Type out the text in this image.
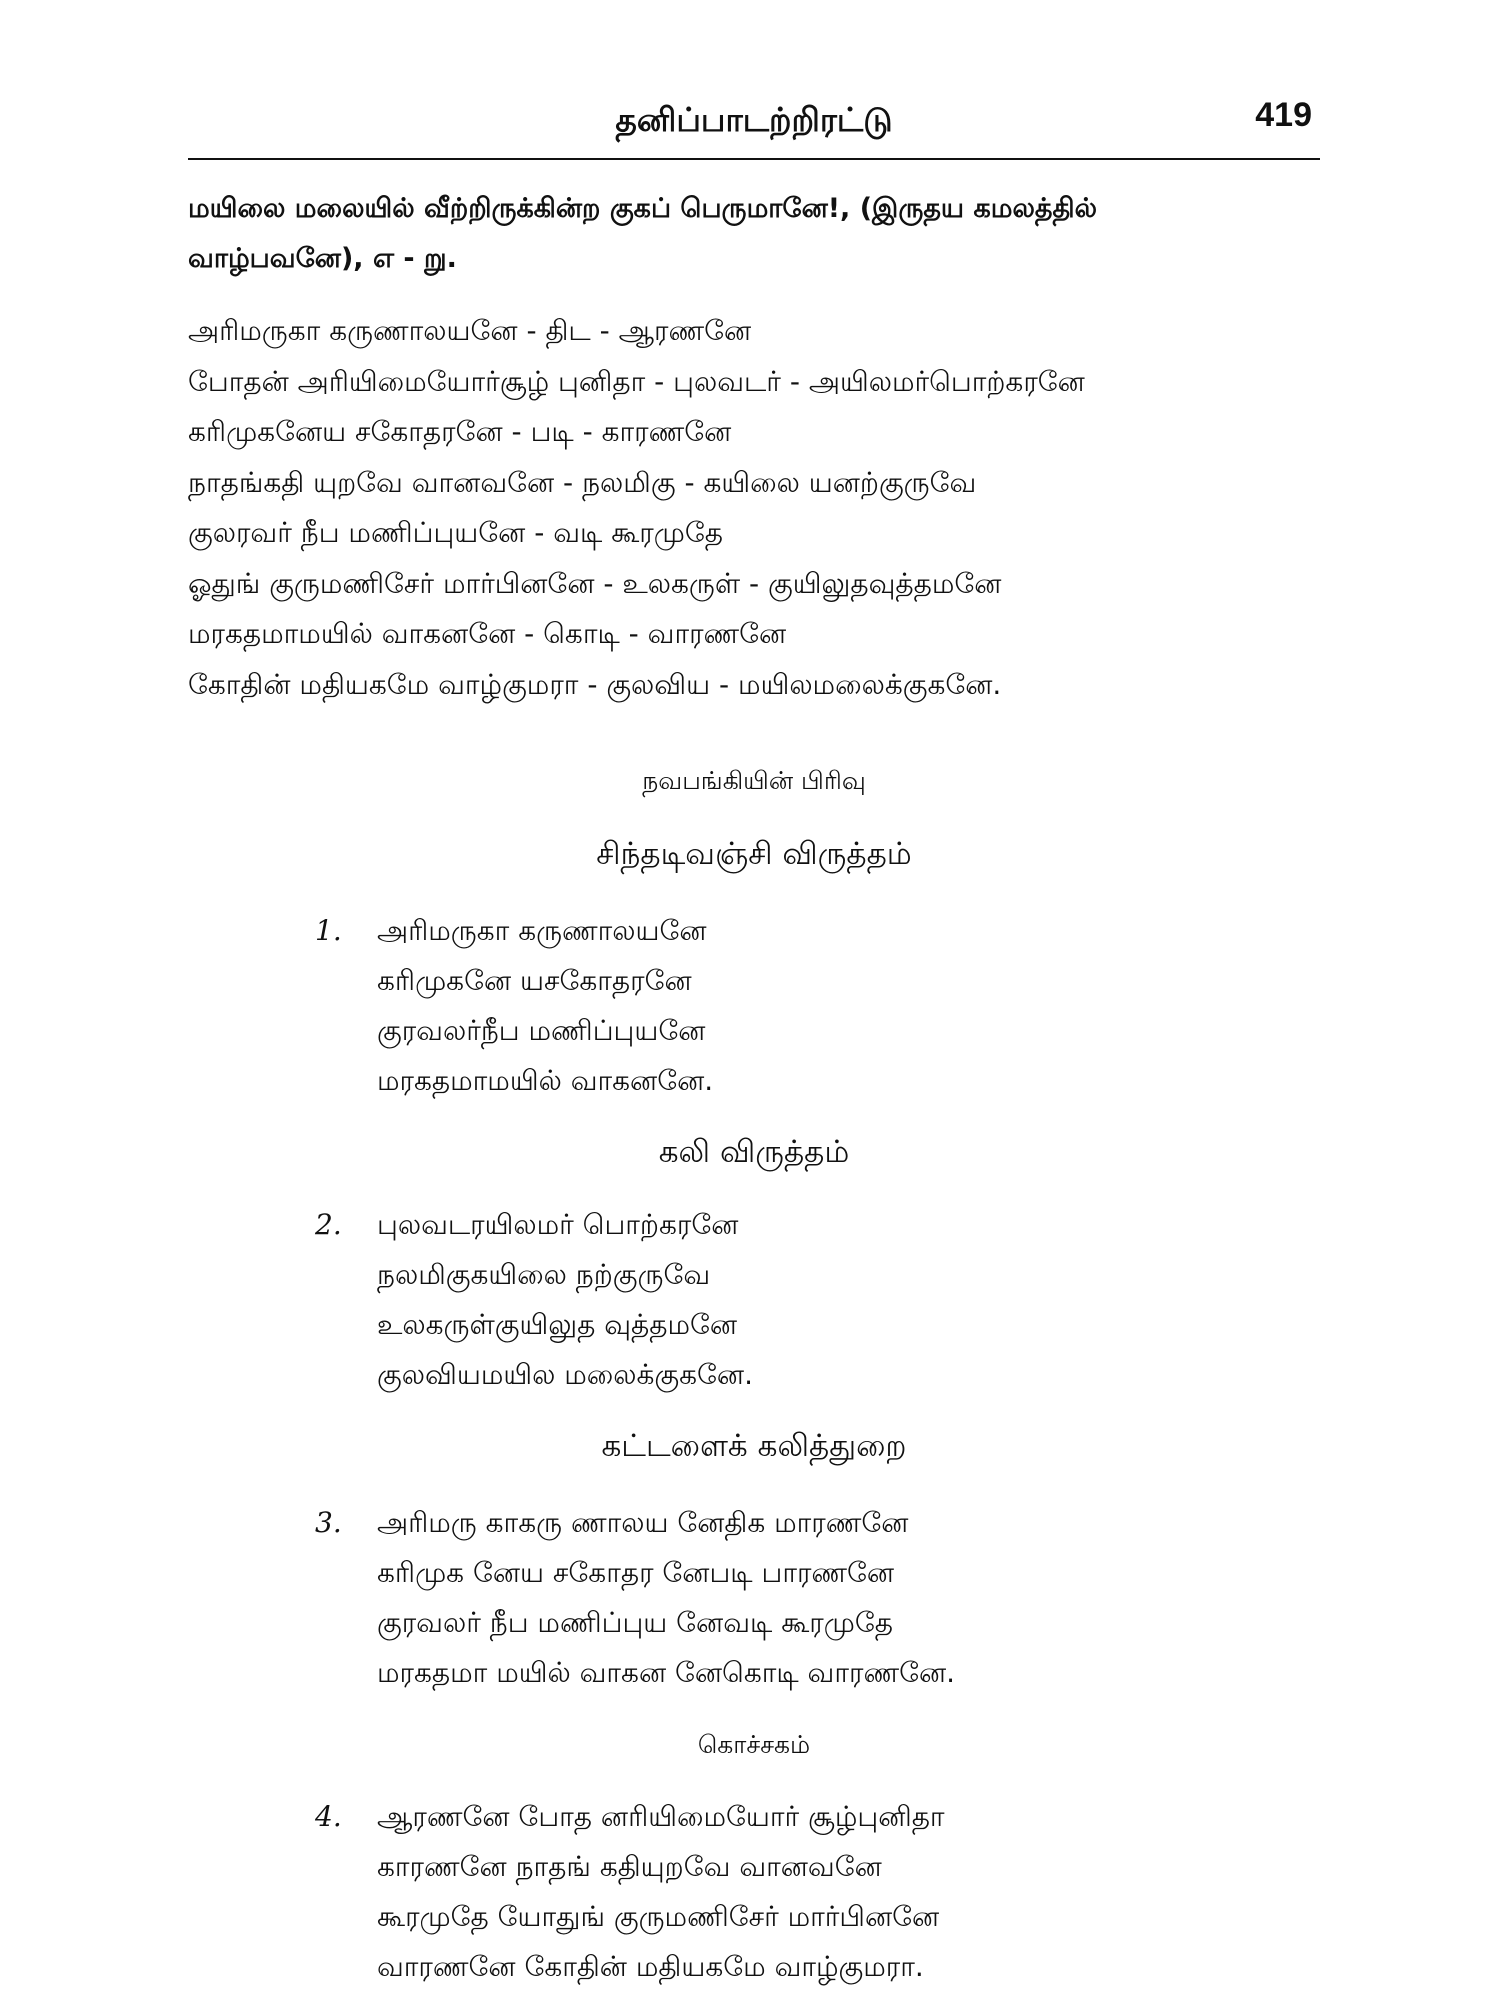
தனிப்பாடற்றிரட்டு	419

மயிலை மலையில் வீற்றிருக்கின்ற குகப் பெருமானே!, (இருதய கமலத்தில்

வாழ்பவனே), எ - று.

அரிமருகா கருணாலயனே - திட - ஆரணனே
போதன் அரியிமையோர்சூழ் புனிதா - புலவடர் - அயிலமர்பொற்கரனே
கரிமுகனேய சகோதரனே - படி - காரணனே
நாதங்கதி யுறவே வானவனே - நலமிகு - கயிலை யனற்குருவே
குலரவர் நீப மணிப்புயனே - வடி கூரமுதே
ஓதுங் குருமணிசேர் மார்பினனே - உலகருள் - குயிலுதவுத்தமனே
மரகதமாமயில் வாகனனே - கொடி - வாரணனே
கோதின் மதியகமே வாழ்குமரா - குலவிய - மயிலமலைக்குகனே.
நவபங்கியின் பிரிவு
சிந்தடிவஞ்சி விருத்தம்
1. அரிமருகா கருணாலயனே
கரிமுகனே யசகோதரனே
குரவலர்நீப மணிப்புயனே
மரகதமாமயில் வாகனனே.
கலி விருத்தம்
2. புலவடரயிலமர் பொற்கரனே
நலமிகுகயிலை நற்குருவே
உலகருள்குயிலுத வுத்தமனே
குலவியமயில மலைக்குகனே.
கட்டளைக் கலித்துறை
3. அரிமரு காகரு ணாலய னேதிக மாரணனே
கரிமுக னேய சகோதர னேபடி பாரணனே
குரவலர் நீப மணிப்புய னேவடி கூரமுதே
மரகதமா மயில் வாகன னேகொடி வாரணனே.
கொச்சகம்
4. ஆரணனே போத னரியிமையோர் சூழ்புனிதா
காரணனே நாதங் கதியுறவே வானவனே
கூரமுதே யோதுங் குருமணிசேர் மார்பினனே
வாரணனே கோதின் மதியகமே வாழ்குமரா.
